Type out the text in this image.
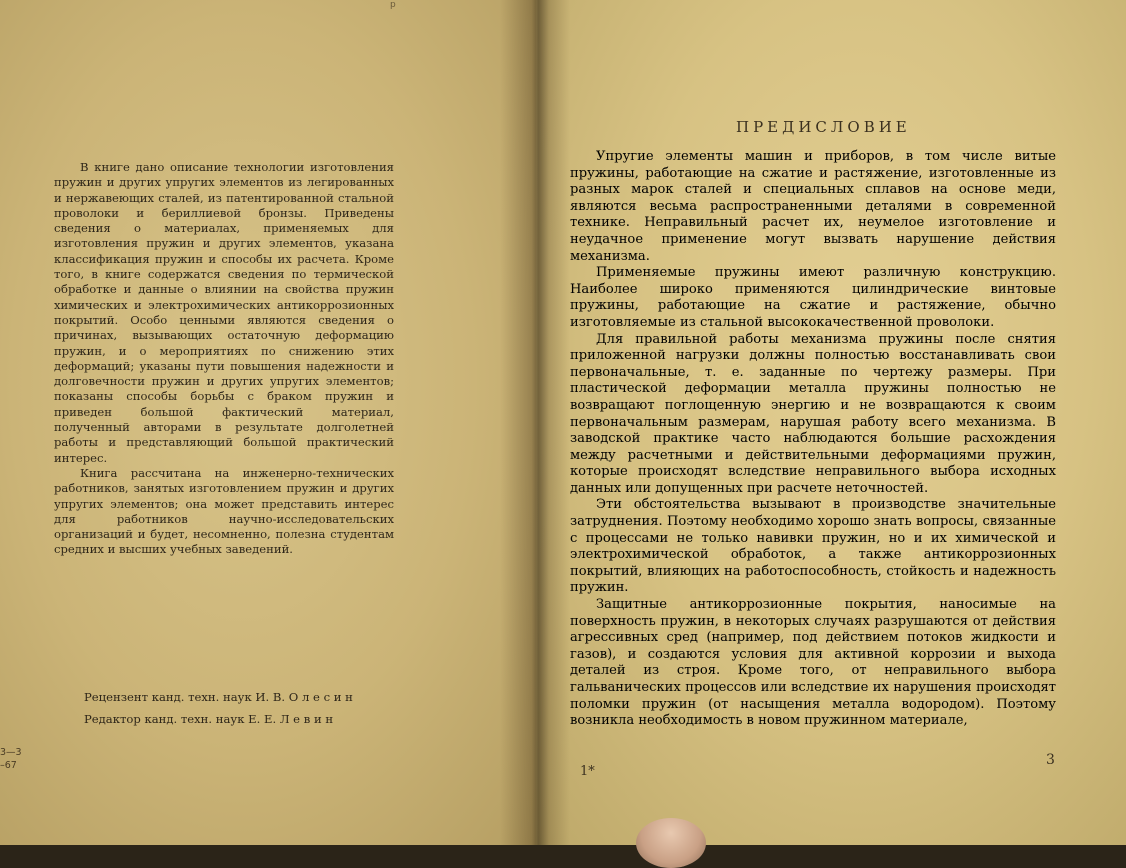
р

В книге дано описание технологии изготовления пружин и других упругих элементов из легированных и нержавеющих сталей, из патентированной стальной проволоки и бериллиевой бронзы. Приведены сведения о материалах, применяемых для изготовления пружин и других элементов, указана классификация пружин и способы их расчета. Кроме того, в книге содержатся сведения по термической обработке и данные о влиянии на свойства пружин химических и электрохимических антикоррозионных покрытий. Особо ценными являются сведения о причинах, вызывающих остаточную деформацию пружин, и о мероприятиях по снижению этих деформаций; указаны пути повышения надежности и долговечности пружин и других упругих элементов; показаны способы борьбы с браком пружин и приведен большой фактический материал, полученный авторами в результате долголетней работы и представляющий большой практический интерес.

Книга рассчитана на инженерно-технических работников, занятых изготовлением пружин и других упругих элементов; она может представить интерес для работников научно-исследовательских организаций и будет, несомненно, полезна студентам средних и высших учебных заведений.

Рецензент канд. техн. наук И. В. О л е с и н
Редактор канд. техн. наук Е. Е. Л е в и н
3—3
–67
ПРЕДИСЛОВИЕ

Упругие элементы машин и приборов, в том числе витые пружины, работающие на сжатие и растяжение, изготовленные из разных марок сталей и специальных сплавов на основе меди, являются весьма распространенными деталями в современной технике. Неправильный расчет их, неумелое изготовление и неудачное применение могут вызвать нарушение действия механизма.

Применяемые пружины имеют различную конструкцию. Наиболее широко применяются цилиндрические винтовые пружины, работающие на сжатие и растяжение, обычно изготовляемые из стальной высококачественной проволоки.

Для правильной работы механизма пружины после снятия приложенной нагрузки должны полностью восстанавливать свои первоначальные, т. е. заданные по чертежу размеры. При пластической деформации металла пружины полностью не возвращают поглощенную энергию и не возвращаются к своим первоначальным размерам, нарушая работу всего механизма. В заводской практике часто наблюдаются большие расхождения между расчетными и действительными деформациями пружин, которые происходят вследствие неправильного выбора исходных данных или допущенных при расчете неточностей.

Эти обстоятельства вызывают в производстве значительные затруднения. Поэтому необходимо хорошо знать вопросы, связанные с процессами не только навивки пружин, но и их химической и электрохимической обработок, а также антикоррозионных покрытий, влияющих на работоспособность, стойкость и надежность пружин.

Защитные антикоррозионные покрытия, наносимые на поверхность пружин, в некоторых случаях разрушаются от действия агрессивных сред (например, под действием потоков жидкости и газов), и создаются условия для активной коррозии и выхода деталей из строя. Кроме того, от неправильного выбора гальванических процессов или вследствие их нарушения происходят поломки пружин (от насыщения металла водородом). Поэтому возникла необходимость в новом пружинном материале,

1*
3
